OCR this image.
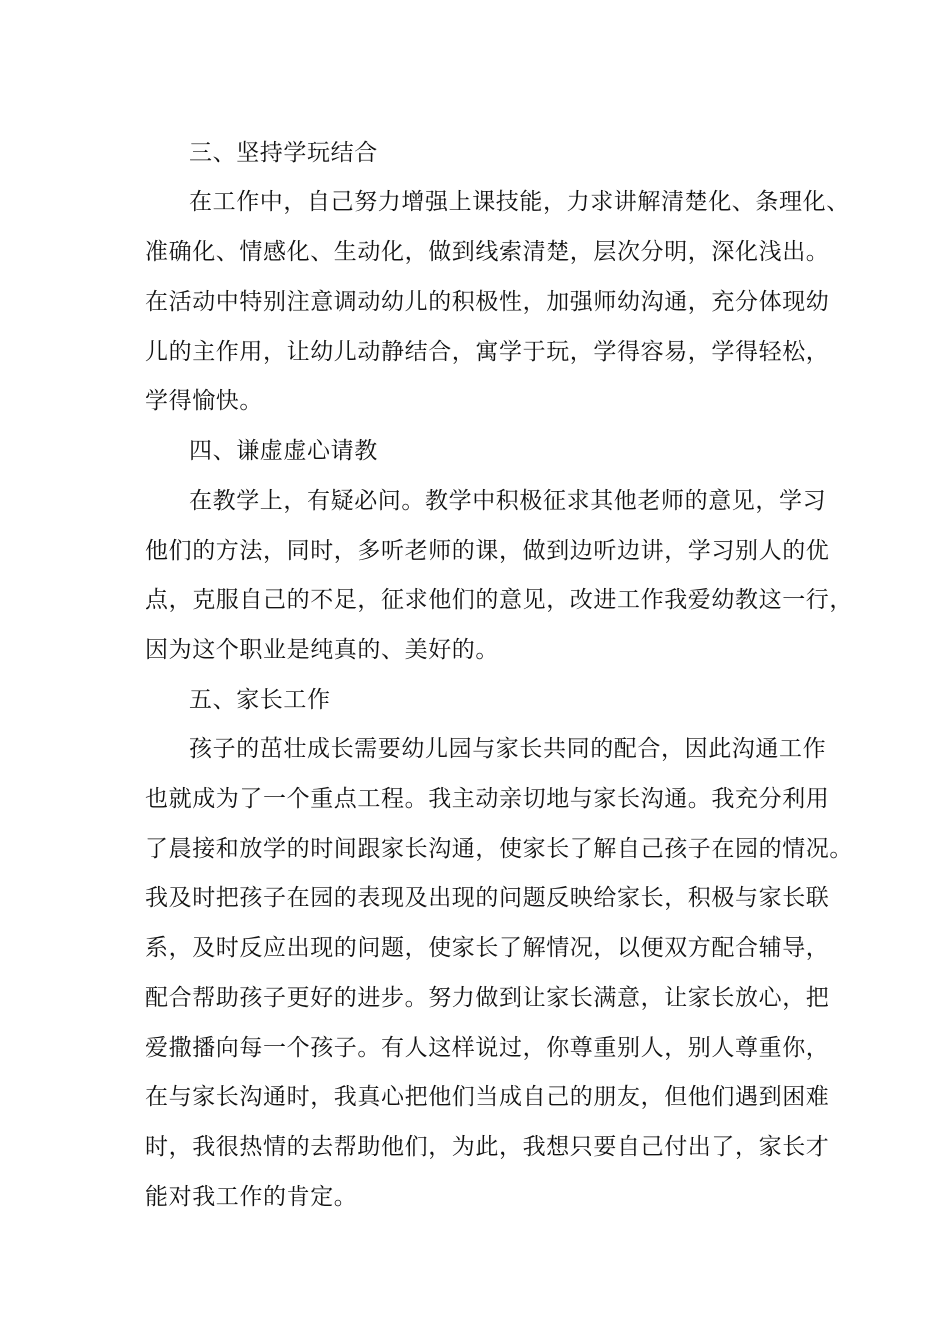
三、坚持学玩结合
在工作中，自己努力增强上课技能，力求讲解清楚化、条理化、
准确化、情感化、生动化，做到线索清楚，层次分明，深化浅出。
在活动中特别注意调动幼儿的积极性，加强师幼沟通，充分体现幼
儿的主作用，让幼儿动静结合，寓学于玩，学得容易，学得轻松，
学得愉快。
四、谦虚虚心请教
在教学上，有疑必问。教学中积极征求其他老师的意见，学习
他们的方法，同时，多听老师的课，做到边听边讲，学习别人的优
点，克服自己的不足，征求他们的意见，改进工作我爱幼教这一行，
因为这个职业是纯真的、美好的。
五、家长工作
孩子的茁壮成长需要幼儿园与家长共同的配合，因此沟通工作
也就成为了一个重点工程。我主动亲切地与家长沟通。我充分利用
了晨接和放学的时间跟家长沟通，使家长了解自己孩子在园的情况。
我及时把孩子在园的表现及出现的问题反映给家长，积极与家长联
系，及时反应出现的问题，使家长了解情况，以便双方配合辅导，
配合帮助孩子更好的进步。努力做到让家长满意，让家长放心，把
爱撒播向每一个孩子。有人这样说过，你尊重别人，别人尊重你，
在与家长沟通时，我真心把他们当成自己的朋友，但他们遇到困难
时，我很热情的去帮助他们，为此，我想只要自己付出了，家长才
能对我工作的肯定。
